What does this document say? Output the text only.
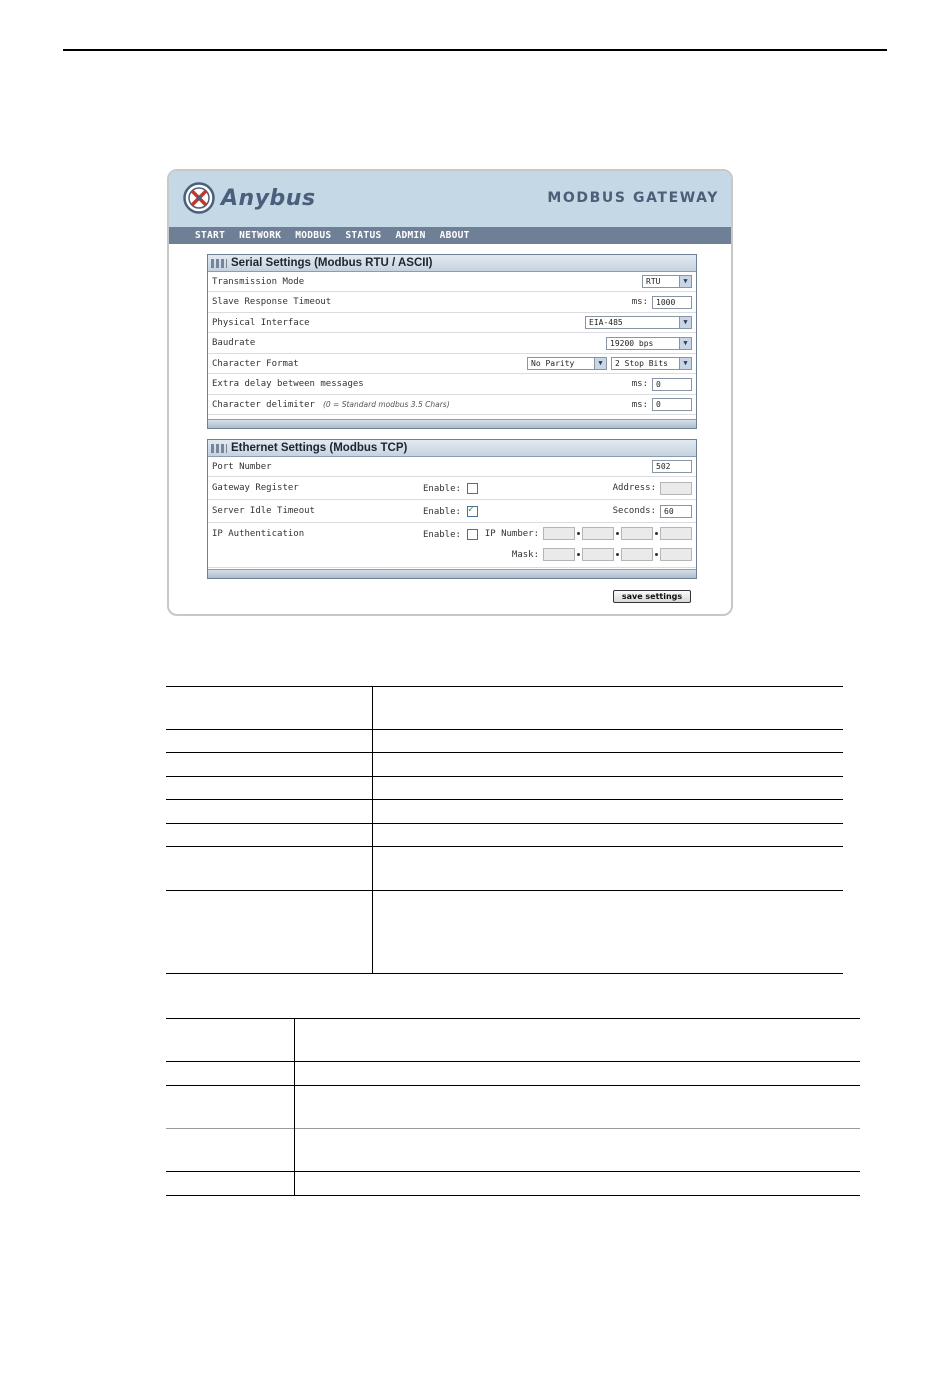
Anybus	MODBUS GATEWAY
START NETWORK MODBUS STATUS ADMIN ABOUT
Serial Settings (Modbus RTU / ASCII)
Transmission Mode	RTU	▼
Slave Response Timeout	ms:	1000
Physical Interface	EIA-485	▼
Baudrate	19200 bps	▼
Character Format	No Parity	▼	2 Stop Bits	▼
Extra delay between messages	ms:	0
Character delimiter (0 = Standard modbus 3.5 Chars)	ms:	0
Ethernet Settings (Modbus TCP)
Port Number	502
Gateway Register	Enable:	Address:
Server Idle Timeout	Enable:
✓	Seconds:	60
IP Authentication	Enable:	IP Number:
Mask:
save settings
